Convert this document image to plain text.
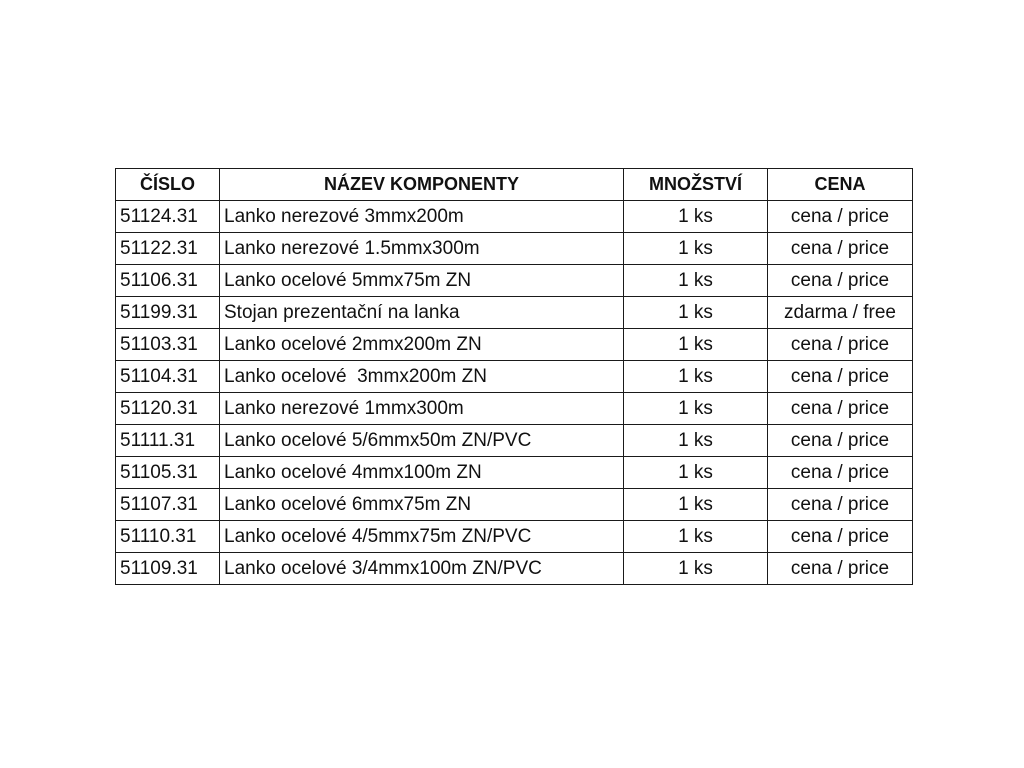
ČÍSLO	NÁZEV KOMPONENTY	MNOŽSTVÍ	CENA
51124.31	Lanko nerezové 3mmx200m	1 ks	cena / price
51122.31	Lanko nerezové 1.5mmx300m	1 ks	cena / price
51106.31	Lanko ocelové 5mmx75m ZN	1 ks	cena / price
51199.31	Stojan prezentační na lanka	1 ks	zdarma / free
51103.31	Lanko ocelové 2mmx200m ZN	1 ks	cena / price
51104.31	Lanko ocelové  3mmx200m ZN	1 ks	cena / price
51120.31	Lanko nerezové 1mmx300m	1 ks	cena / price
51111.31	Lanko ocelové 5/6mmx50m ZN/PVC	1 ks	cena / price
51105.31	Lanko ocelové 4mmx100m ZN	1 ks	cena / price
51107.31	Lanko ocelové 6mmx75m ZN	1 ks	cena / price
51110.31	Lanko ocelové 4/5mmx75m ZN/PVC	1 ks	cena / price
51109.31	Lanko ocelové 3/4mmx100m ZN/PVC	1 ks	cena / price
